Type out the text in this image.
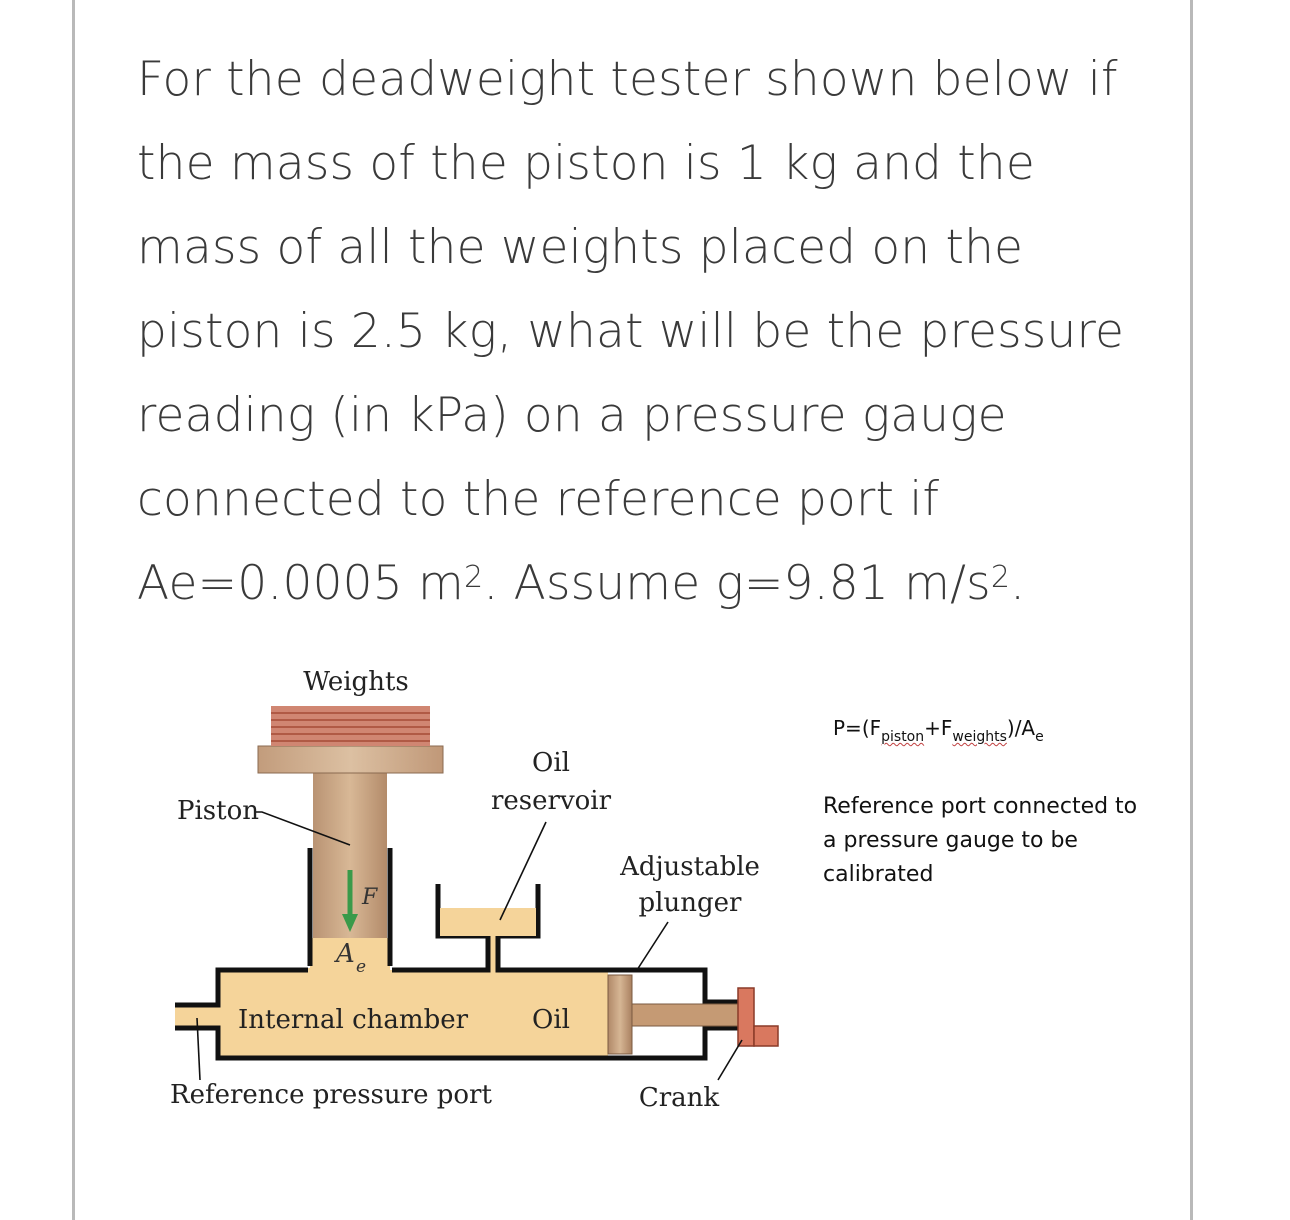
For the deadweight tester shown below if the mass of the piston is 1 kg and the mass of all the weights placed on the piston is 2.5 kg, what will be the pressure reading (in kPa) on a pressure gauge connected to the reference port if Ae=0.0005 $m^2$. Assume g=9.81 $m/s^2$.

Weights
Piston
Oil
reservoir
Adjustable
plunger
F
A e
Internal chamber Oil
Reference pressure port	Crank
$P=(F_{piston}+F_{weights})/A_e$

Reference port connected to a pressure gauge to be calibrated
